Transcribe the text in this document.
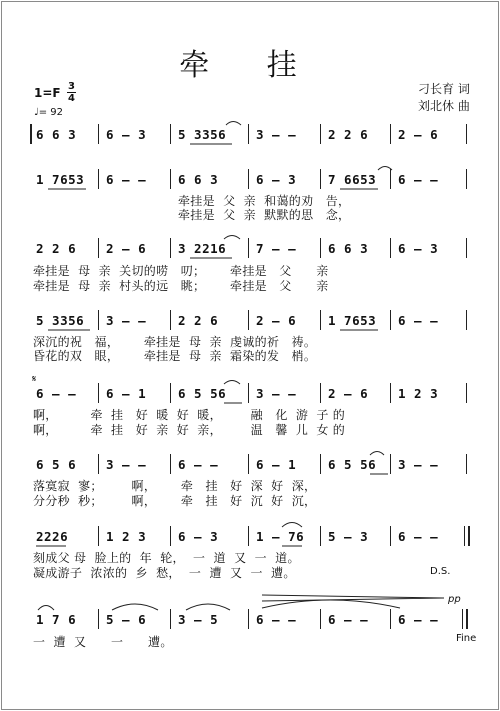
牵 挂
刁长育 词
刘北休 曲
1=F 3
4
♩= 92
6 6 3 6 – 3	5 3356 3 – –	2 2 6 2 – 6
1 7653 6 – –	6 6 3	6 – 3	7 6653 6 – –
牵挂是  父  亲  和蔼的劝   告，
牵挂是  父  亲  默默的思   念，
2 2 6 2 – 6	3 2216 7 – –	6 6 3 6 – 3
牵挂是  母  亲  关切的唠   叨；      牵挂是   父      亲
牵挂是  母  亲  村头的远   眺；      牵挂是   父      亲
5 3356 3 – –	2 2 6	2 – 6	1 7653 6 – –
深沉的祝   福，      牵挂是  母  亲  虔诚的祈   祷。
昏花的双   眼，      牵挂是  母  亲  霜染的发   梢。
𝄋
6 – – 6 – 1	6 5 56 3 – –	2 – 6 1 2 3
啊，        牵  挂   好  暖  好  暖，       融   化  游  子 的
啊，        牵  挂   好  亲  好  亲，       温   馨  儿  女 的
6 5 6 3 – –	6 – –	6 – 1	6 5 56 3 – –
落寞寂  寥；       啊，      牵   挂   好  深  好  深，
分分秒  秒；       啊，      牵   挂   好  沉  好  沉，
2226	1 2 3	6 – 3	1 – 76 5 – 3 6 – –
刻成父 母  脸上的  年  轮，  一  道  又  一  道。
凝成游子  浓浓的  乡  愁，  一  遭  又  一  遭。	D.S.
pp
1 7 6 5 – 6	3 – 5	6 – –	6 – – 6 – –
一  遭  又      一      遭。	Fine
